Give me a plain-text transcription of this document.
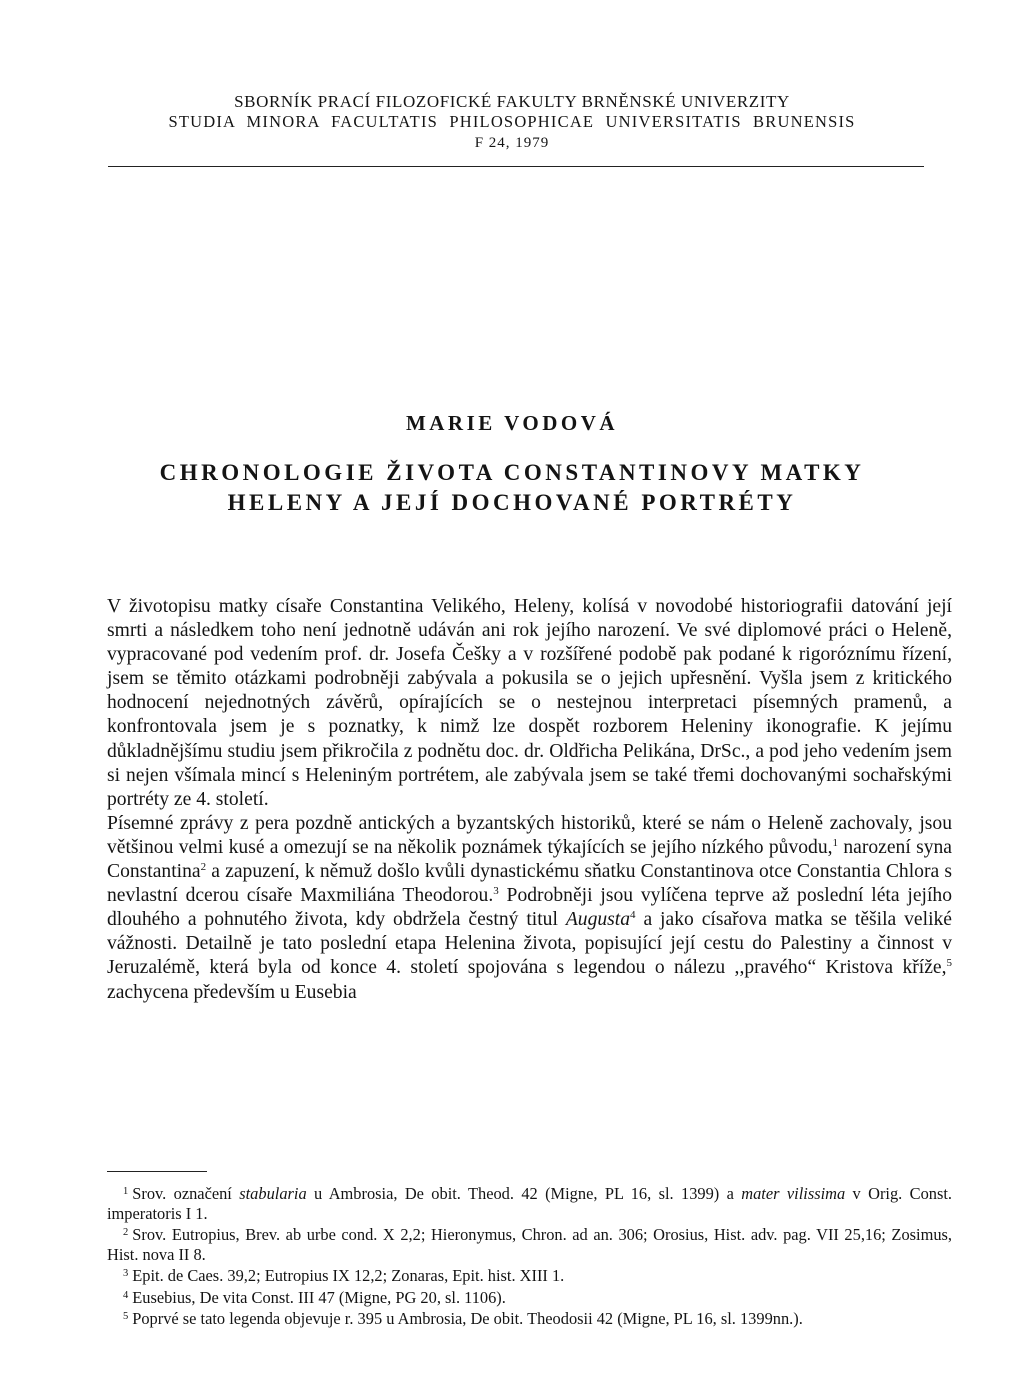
SBORNÍK PRACÍ FILOZOFICKÉ FAKULTY BRNĚNSKÉ UNIVERZITY
STUDIA MINORA FACULTATIS PHILOSOPHICAE UNIVERSITATIS BRUNENSIS
F 24, 1979
MARIE VODOVÁ
CHRONOLOGIE ŽIVOTA CONSTANTINOVY MATKY
HELENY A JEJÍ DOCHOVANÉ PORTRÉTY

V životopisu matky císaře Constantina Velikého, Heleny, kolísá v novodobé historiografii datování její smrti a následkem toho není jednotně udáván ani rok jejího narození. Ve své diplomové práci o Heleně, vypracované pod vedením prof. dr. Josefa Češky a v rozšířené podobě pak podané k rigoróznímu řízení, jsem se těmito otázkami podrobněji zabývala a pokusila se o jejich upřesnění. Vyšla jsem z kritického hodnocení nejednotných závěrů, opírajících se o nestejnou interpretaci písemných pramenů, a konfrontovala jsem je s poznatky, k nimž lze dospět rozborem Heleniny ikonografie. K jejímu důkladnějšímu studiu jsem přikročila z podnětu doc. dr. Oldřicha Pelikána, DrSc., a pod jeho vedením jsem si nejen všímala mincí s Heleniným portrétem, ale zabývala jsem se také třemi dochovanými sochařskými portréty ze 4. století.

Písemné zprávy z pera pozdně antických a byzantských historiků, které se nám o Heleně zachovaly, jsou většinou velmi kusé a omezují se na několik poznámek týkajících se jejího nízkého původu,$^1$ narození syna Constantina$^2$ a zapuzení, k němuž došlo kvůli dynastickému sňatku Constantinova otce Constantia Chlora s nevlastní dcerou císaře Maxmiliána Theodorou.$^3$ Podrobněji jsou vylíčena teprve až poslední léta jejího dlouhého a pohnutého života, kdy obdržela čestný titul Augusta$^4$ a jako císařova matka se těšila veliké vážnosti. Detailně je tato poslední etapa Helenina života, popisující její cestu do Palestiny a činnost v Jeruzalémě, která byla od konce 4. století spojována s legendou o nálezu ,,pravého“ Kristova kříže,$^5$ zachycena především u Eusebia

$^1$ Srov. označení stabularia u Ambrosia, De obit. Theod. 42 (Migne, PL 16, sl. 1399) a mater vilissima v Orig. Const. imperatoris I 1.

$^2$ Srov. Eutropius, Brev. ab urbe cond. X 2,2; Hieronymus, Chron. ad an. 306; Orosius, Hist. adv. pag. VII 25,16; Zosimus, Hist. nova II 8.

$^3$ Epit. de Caes. 39,2; Eutropius IX 12,2; Zonaras, Epit. hist. XIII 1.

$^4$ Eusebius, De vita Const. III 47 (Migne, PG 20, sl. 1106).

$^5$ Poprvé se tato legenda objevuje r. 395 u Ambrosia, De obit. Theodosii 42 (Migne, PL 16, sl. 1399nn.).
